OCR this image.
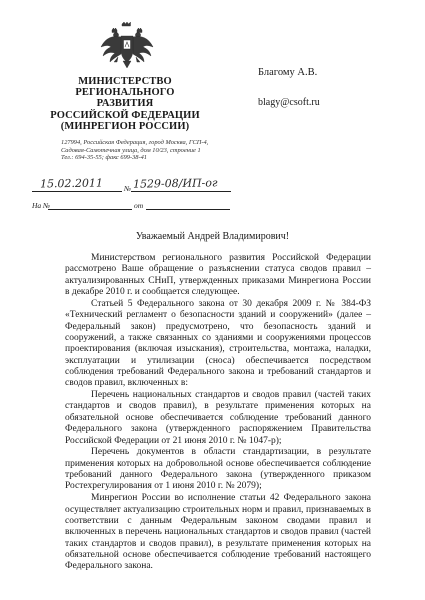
МИНИСТЕРСТВО
РЕГИОНАЛЬНОГО РАЗВИТИЯ
РОССИЙСКОЙ ФЕДЕРАЦИИ
(МИНРЕГИОН РОССИИ)
127994, Российская Федерация, город Москва, ГСП-4,
Садовая-Самотечная улица, дом 10/23, строение 1
Тел.: 694-35-55; факс 699-38-41
Благому А.В.
blagy@csoft.ru
15.02.2011	№ 1529-08/ИП-ог
На №	от
Уважаемый Андрей Владимирович!

Министерством регионального развития Российской Федерации рассмотрено Ваше обращение о разъяснении статуса сводов правил – актуализированных СНиП, утвержденных приказами Минрегиона России в декабре 2010 г. и сообщается следующее.

Статьей 5 Федерального закона от 30 декабря 2009 г. № 384-ФЗ «Технический регламент о безопасности зданий и сооружений» (далее – Федеральный закон) предусмотрено, что безопасность зданий и сооружений, а также связанных со зданиями и сооружениями процессов проектирования (включая изыскания), строительства, монтажа, наладки, эксплуатации и утилизации (сноса) обеспечивается посредством соблюдения требований Федерального закона и требований стандартов и сводов правил, включенных в:

Перечень национальных стандартов и сводов правил (частей таких стандартов и сводов правил), в результате применения которых на обязательной основе обеспечивается соблюдение требований данного Федерального закона (утвержденного распоряжением Правительства Российской Федерации от 21 июня 2010 г. № 1047-р);

Перечень документов в области стандартизации, в результате применения которых на добровольной основе обеспечивается соблюдение требований данного Федерального закона (утвержденного приказом Ростехрегулирования от 1 июня 2010 г. № 2079);

Минрегион России во исполнение статьи 42 Федерального закона осуществляет актуализацию строительных норм и правил, признаваемых в соответствии с данным Федеральным законом сводами правил и включенных в перечень национальных стандартов и сводов правил (частей таких стандартов и сводов правил), в результате применения которых на обязательной основе обеспечивается соблюдение требований настоящего Федерального закона.
